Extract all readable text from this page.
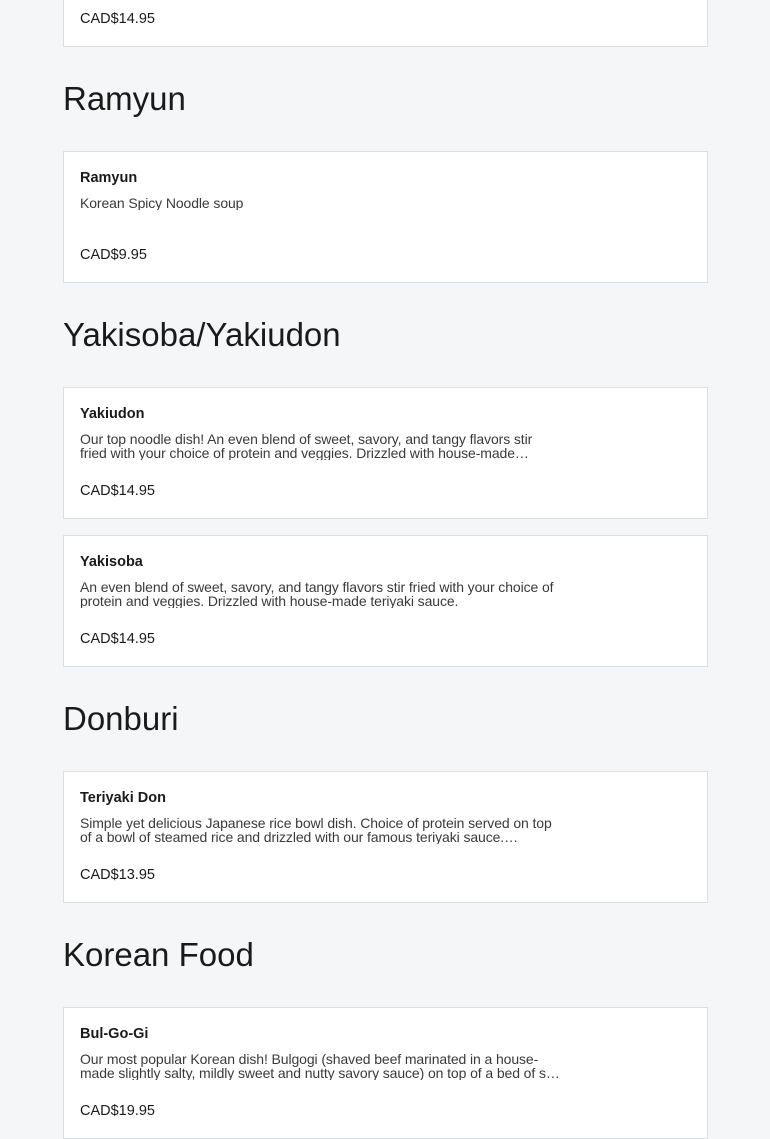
CAD$14.95
Ramyun
Ramyun
Korean Spicy Noodle soup
CAD$9.95
Yakisoba/Yakiudon
Yakiudon
Our top noodle dish! An even blend of sweet, savory, and tangy flavors stir fried with your choice of protein and veggies. Drizzled with house-made…
CAD$14.95
Yakisoba
An even blend of sweet, savory, and tangy flavors stir fried with your choice of protein and veggies. Drizzled with house-made teriyaki sauce.
CAD$14.95
Donburi
Teriyaki Don
Simple yet delicious Japanese rice bowl dish. Choice of protein served on top of a bowl of steamed rice and drizzled with our famous teriyaki sauce.…
CAD$13.95
Korean Food
Bul-Go-Gi
Our most popular Korean dish! Bulgogi (shaved beef marinated in a house-made slightly salty, mildly sweet and nutty savory sauce) on top of a bed of s…
CAD$19.95
